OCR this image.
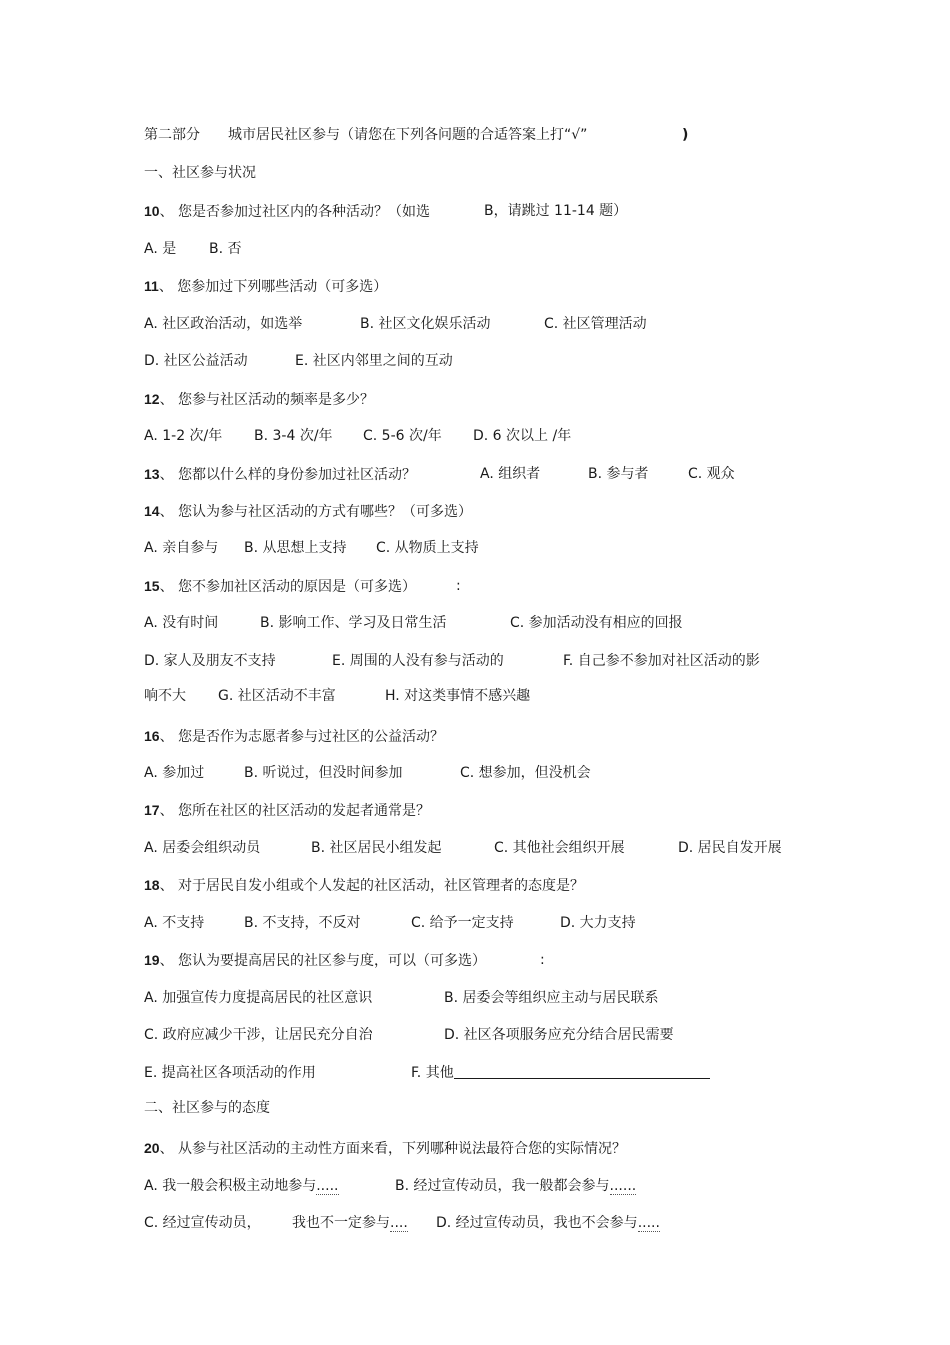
第二部分 城市居民社区参与（请您在下列各问题的合适答案上打“√”	)
一、社区参与状况
10、 您是否参加过社区内的各种活动？（如选	B，请跳过 11-14 题）
A. 是 B. 否
11、 您参加过下列哪些活动（可多选）
A. 社区政治活动，如选举	B. 社区文化娱乐活动	C. 社区管理活动
D. 社区公益活动	E. 社区内邻里之间的互动
12、 您参与社区活动的频率是多少？
A. 1-2 次/年 B. 3-4 次/年 C. 5-6 次/年 D. 6 次以上 /年
13、 您都以什么样的身份参加过社区活动？	A. 组织者	B. 参与者	C. 观众
14、 您认为参与社区活动的方式有哪些？（可多选）
A. 亲自参与 B. 从思想上支持 C. 从物质上支持
15、 您不参加社区活动的原因是（可多选）	:
A. 没有时间	B. 影响工作、学习及日常生活	C. 参加活动没有相应的回报
D. 家人及朋友不支持	E. 周围的人没有参与活动的	F. 自己参不参加对社区活动的影
响不大 G. 社区活动不丰富	H. 对这类事情不感兴趣
16、 您是否作为志愿者参与过社区的公益活动？
A. 参加过	B. 听说过，但没时间参加	C. 想参加，但没机会
17、 您所在社区的社区活动的发起者通常是？
A. 居委会组织动员	B. 社区居民小组发起	C. 其他社会组织开展	D. 居民自发开展
18、 对于居民自发小组或个人发起的社区活动，社区管理者的态度是？
A. 不支持	B. 不支持，不反对	C. 给予一定支持	D. 大力支持
19、 您认为要提高居民的社区参与度，可以（可多选）	:
A. 加强宣传力度提高居民的社区意识	B. 居委会等组织应主动与居民联系
C. 政府应减少干涉，让居民充分自治	D. 社区各项服务应充分结合居民需要
E. 提高社区各项活动的作用	F. 其他
二、社区参与的态度
20、 从参与社区活动的主动性方面来看，下列哪种说法最符合您的实际情况？
A. 我一般会积极主动地参与.....	B. 经过宣传动员，我一般都会参与......
C. 经过宣传动员， 我也不一定参与.... D. 经过宣传动员，我也不会参与.....
